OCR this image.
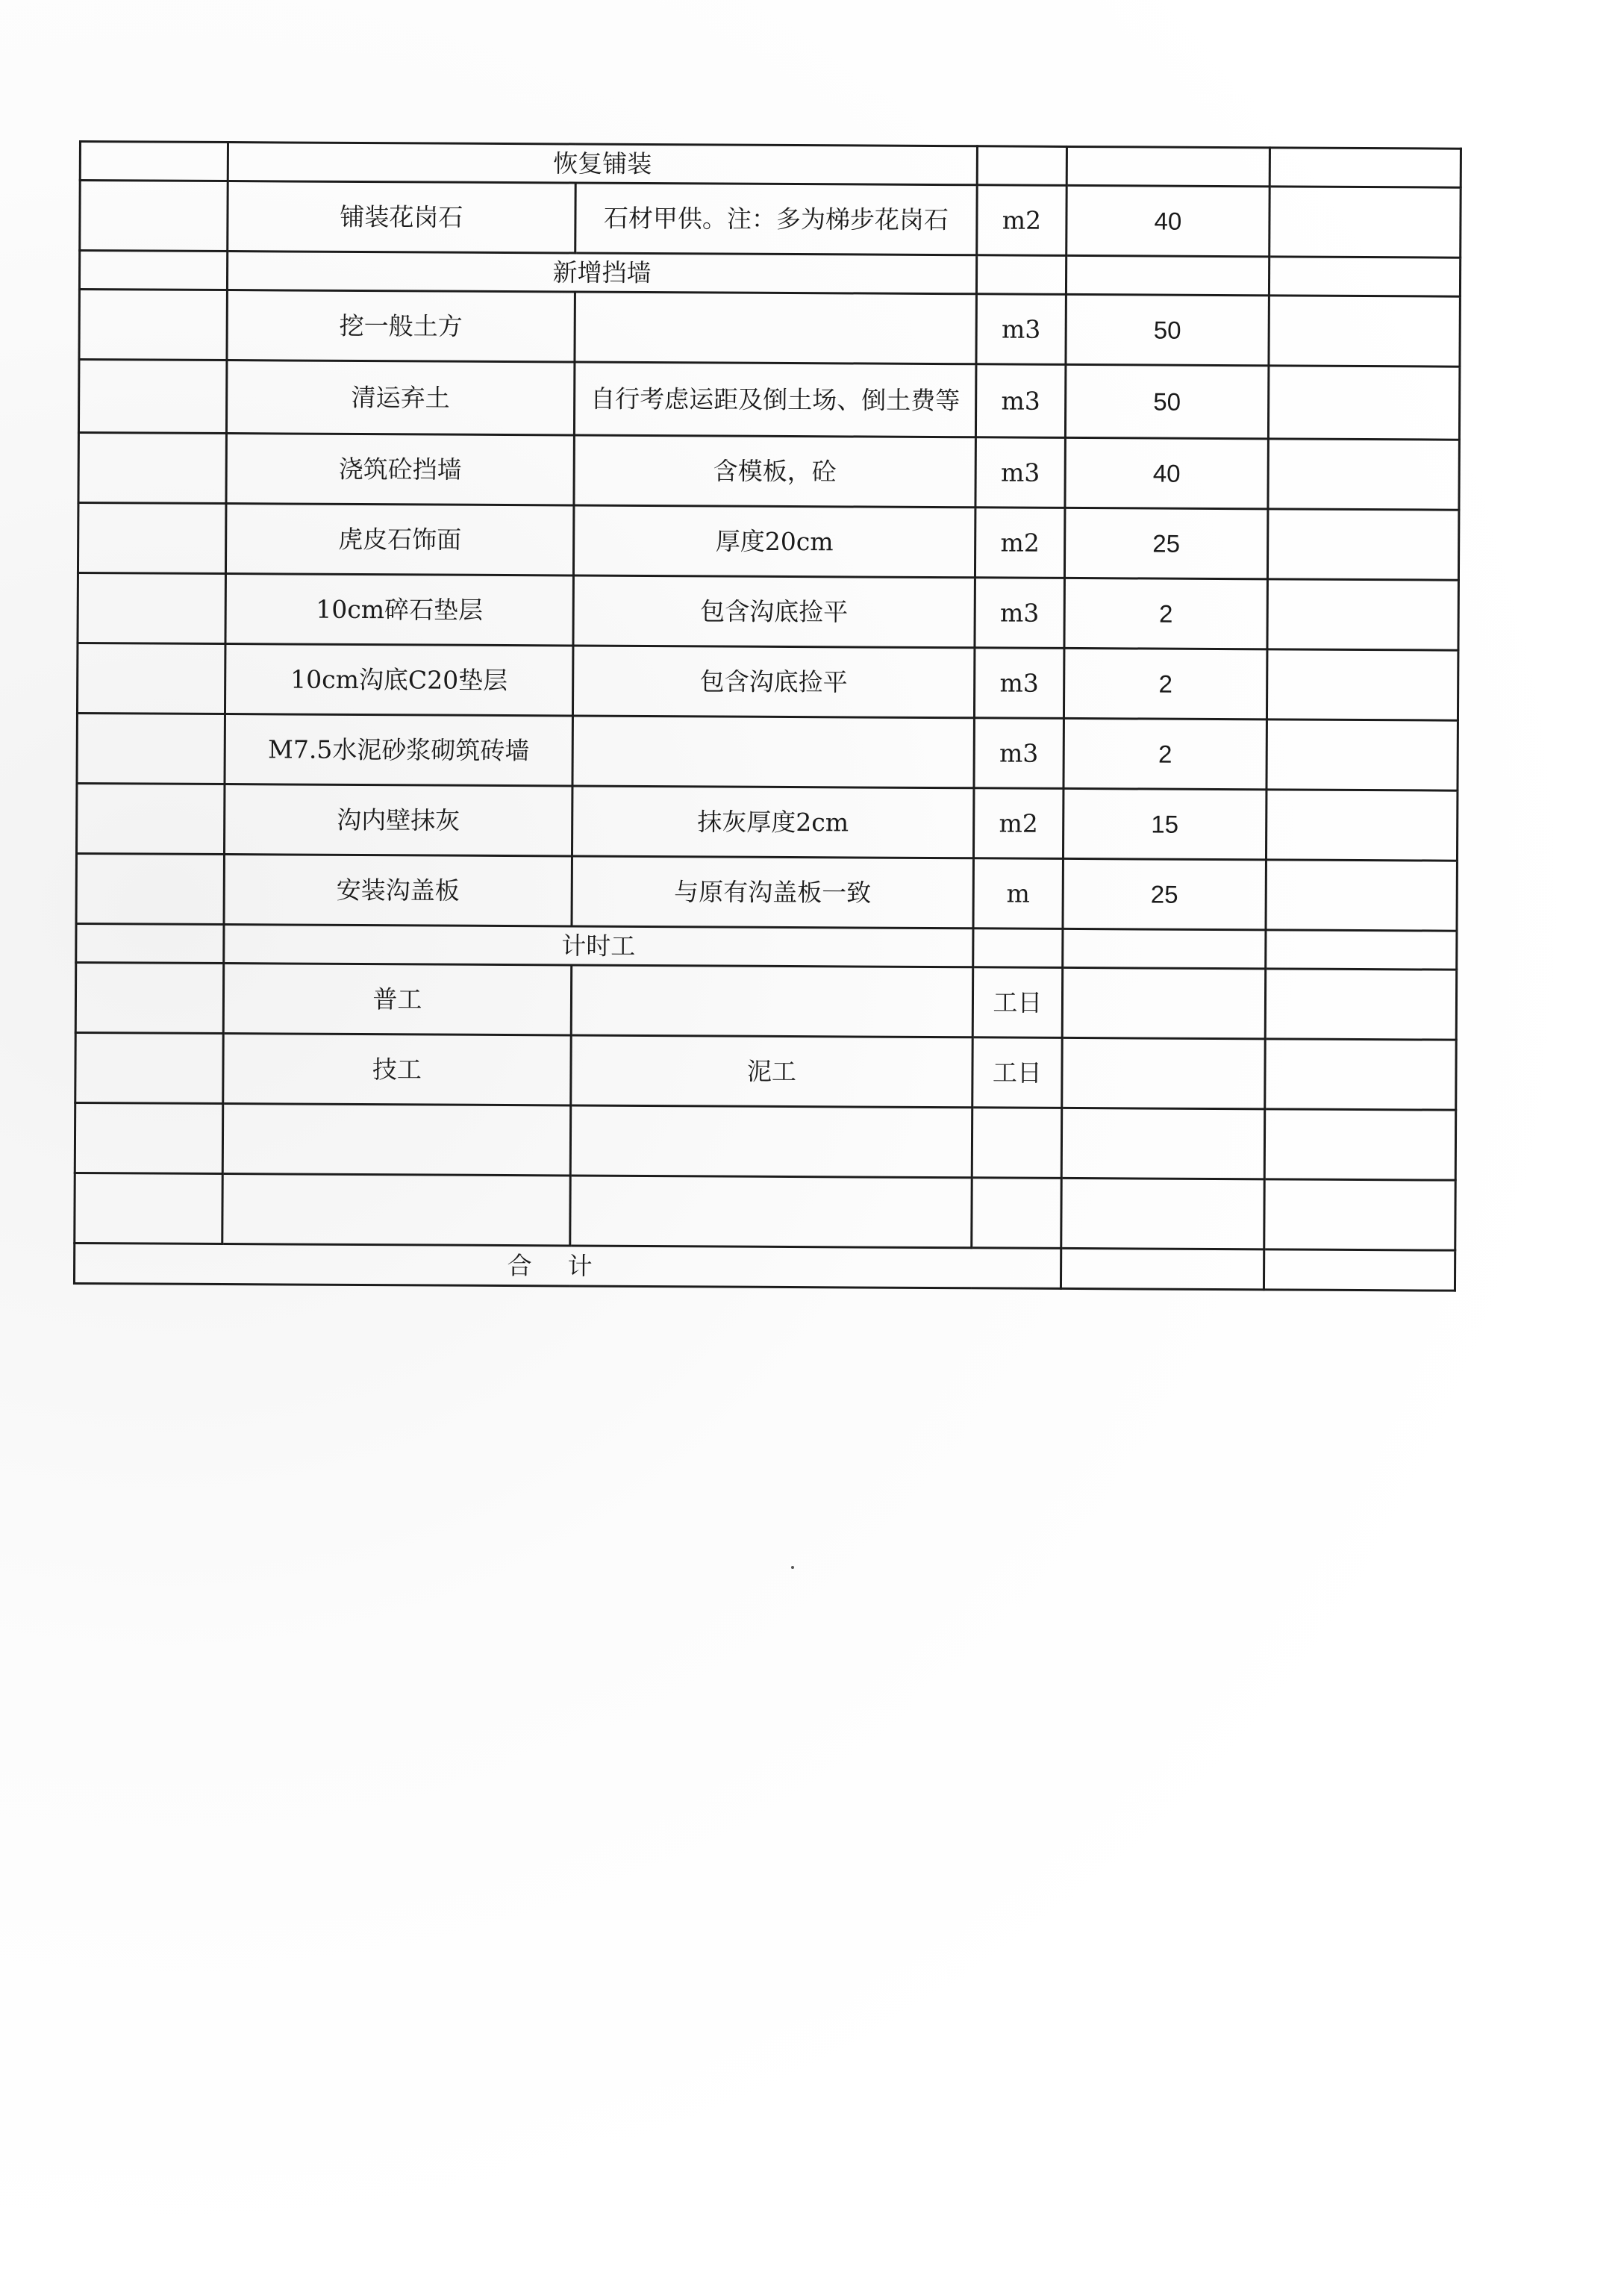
	恢复铺装				
	铺装花岗石	石材甲供。注：多为梯步花岗石	m2	40	
	新增挡墙				
	挖一般土方		m3	50	
	清运弃土	自行考虑运距及倒土场、倒土费等	m3	50	
	浇筑砼挡墙	含模板，砼	m3	40	
	虎皮石饰面	厚度20cm	m2	25	
	10cm碎石垫层	包含沟底捡平	m3	2	
	10cm沟底C20垫层	包含沟底捡平	m3	2	
	M7.5水泥砂浆砌筑砖墙		m3	2	
	沟内壁抹灰	抹灰厚度2cm	m2	15	
	安装沟盖板	与原有沟盖板一致	m	25	
	计时工				
	普工		工日		
	技工	泥工	工日		

合计					
